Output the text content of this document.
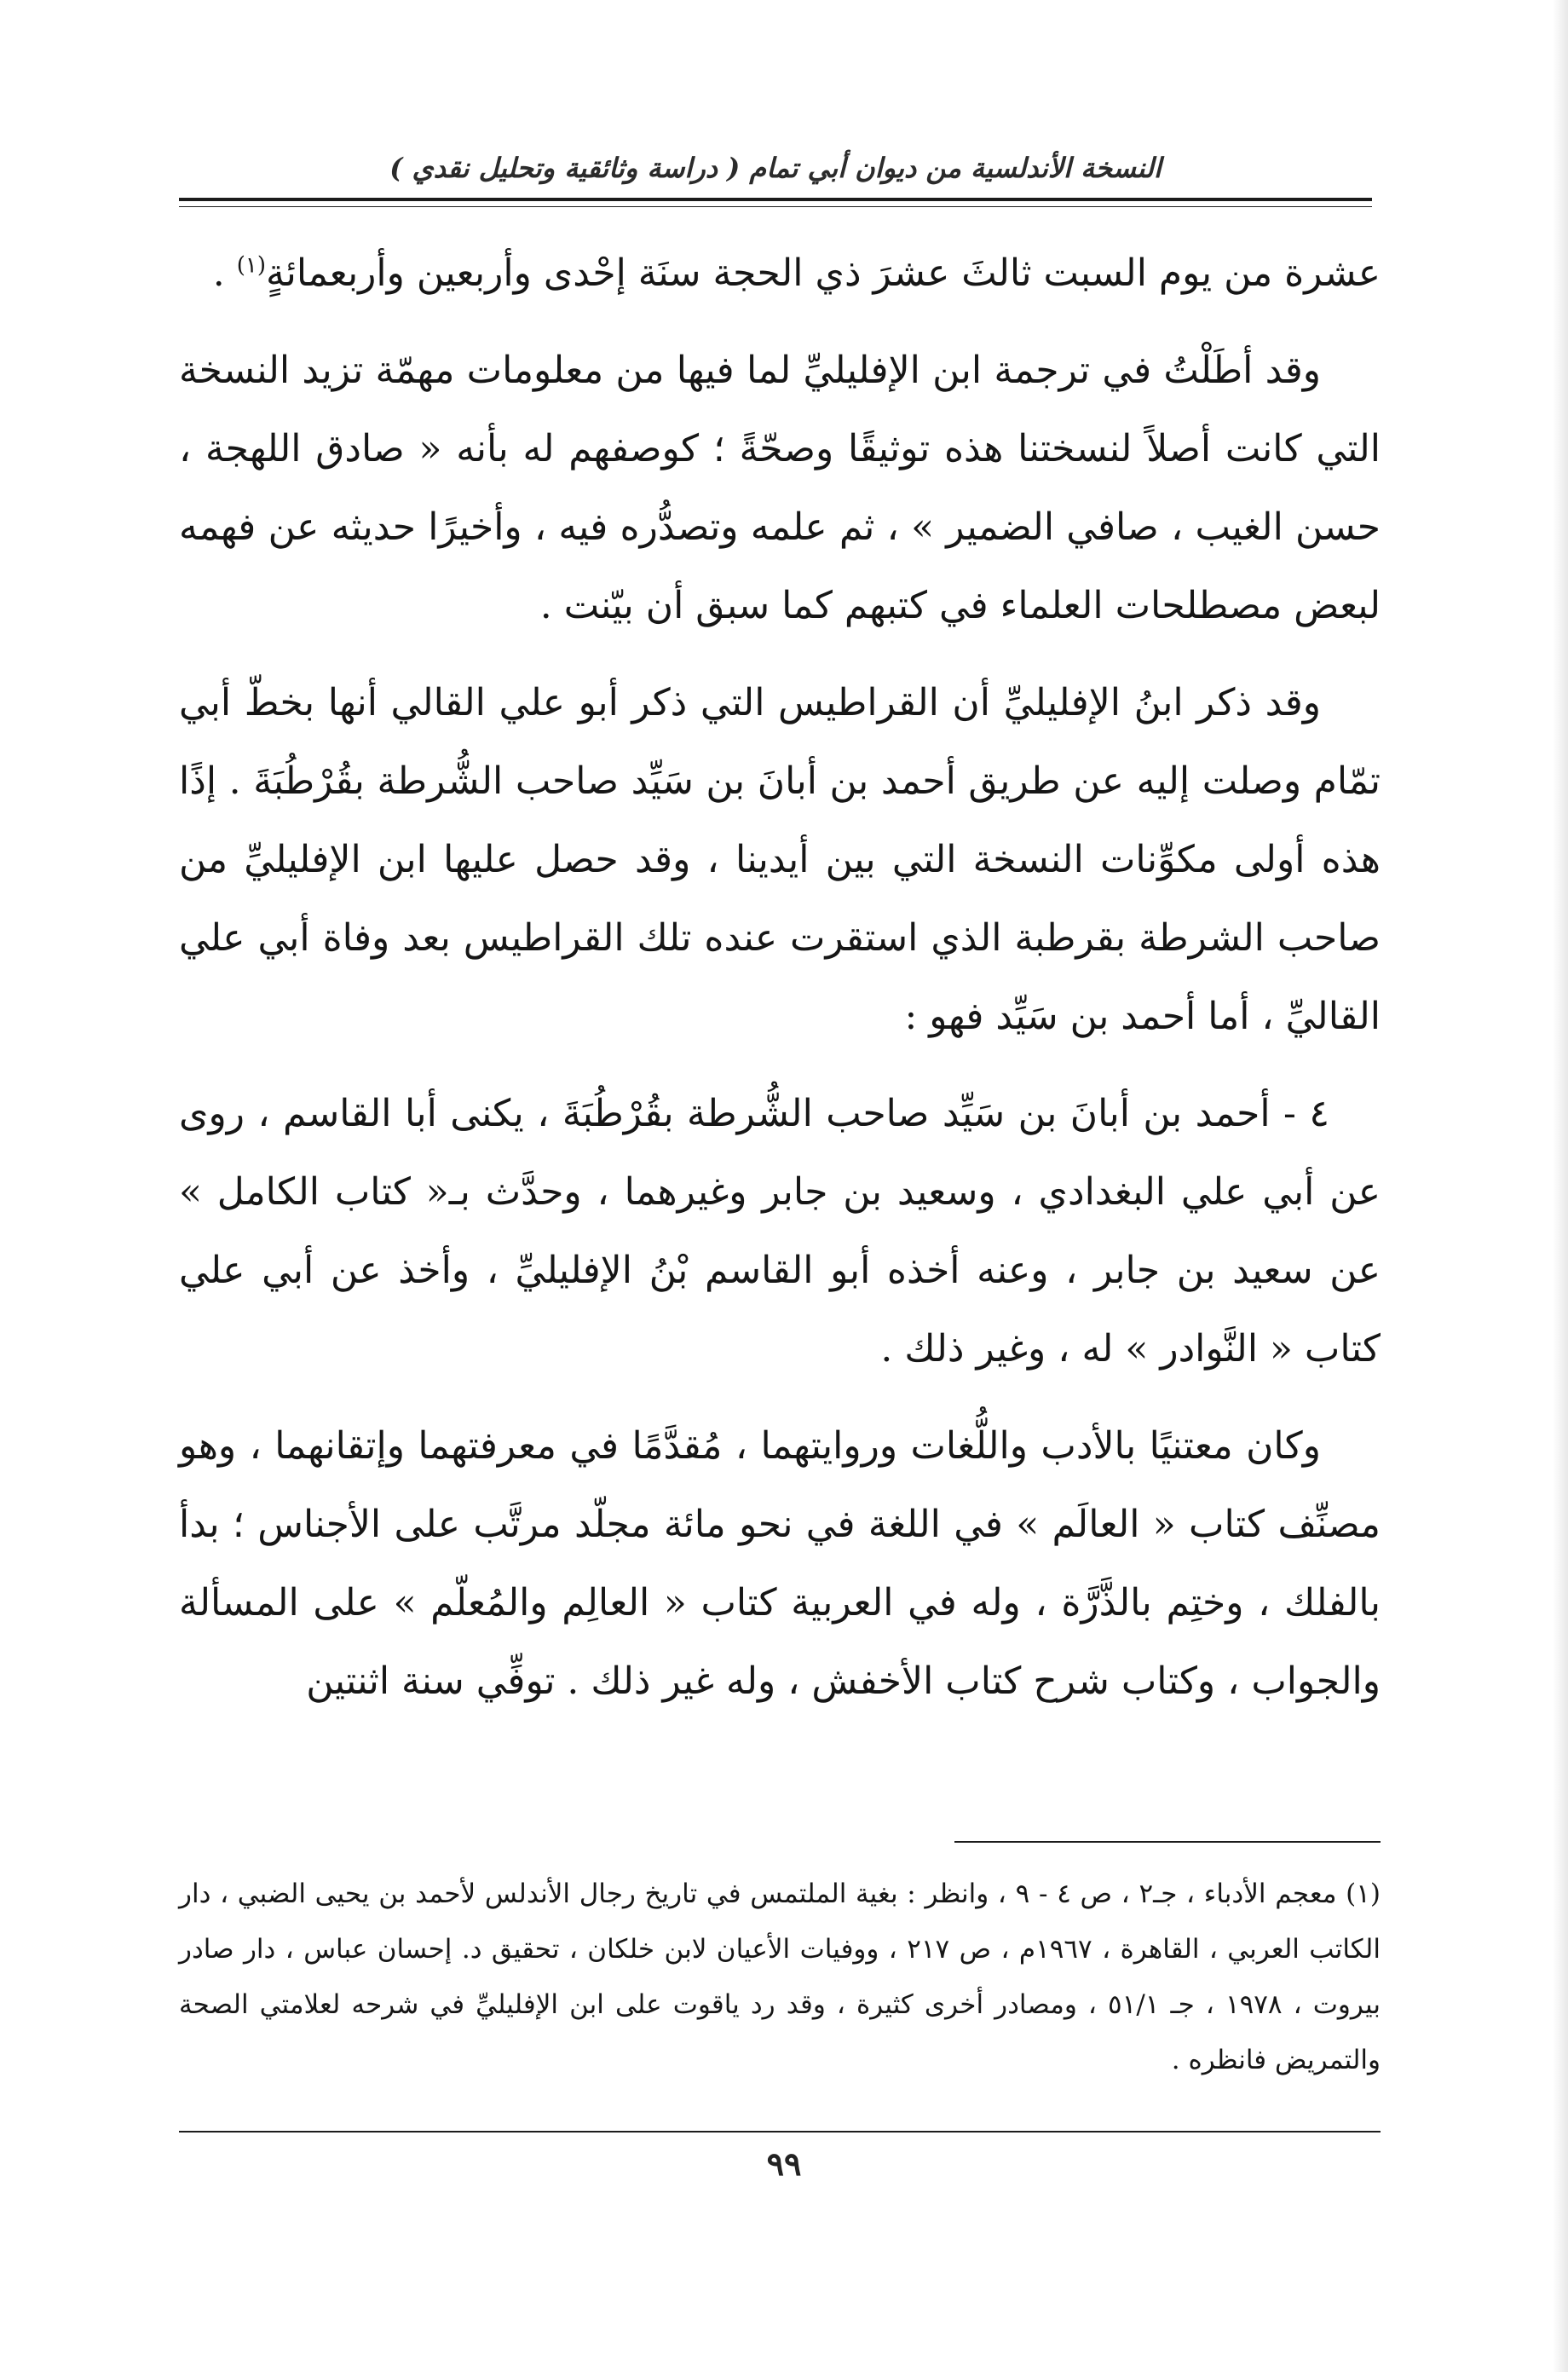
النسخة الأندلسية من ديوان أبي تمام ( دراسة وثائقية وتحليل نقدي )

عشرة من يوم السبت ثالثَ عشرَ ذي الحجة سنَة إحْدى وأربعين وأربعمائةٍ$^{(١)}$ .

وقد أطَلْتُ في ترجمة ابن الإفليليِّ لما فيها من معلومات مهمّة تزيد النسخة التي كانت أصلاً لنسختنا هذه توثيقًا وصحّةً ؛ كوصفهم له بأنه « صادق اللهجة ، حسن الغيب ، صافي الضمير » ، ثم علمه وتصدُّره فيه ، وأخيرًا حديثه عن فهمه لبعض مصطلحات العلماء في كتبهم كما سبق أن بيّنت .

وقد ذكر ابنُ الإفليليِّ أن القراطيس التي ذكر أبو علي القالي أنها بخطّ أبي تمّام وصلت إليه عن طريق أحمد بن أبانَ بن سَيِّد صاحب الشُّرطة بقُرْطُبَةَ . إذًا هذه أولى مكوِّنات النسخة التي بين أيدينا ، وقد حصل عليها ابن الإفليليِّ من صاحب الشرطة بقرطبة الذي استقرت عنده تلك القراطيس بعد وفاة أبي علي القاليِّ ، أما أحمد بن سَيِّد فهو :

٤ - أحمد بن أبانَ بن سَيِّد صاحب الشُّرطة بقُرْطُبَةَ ، يكنى أبا القاسم ، روى عن أبي علي البغدادي ، وسعيد بن جابر وغيرهما ، وحدَّث بـ« كتاب الكامل » عن سعيد بن جابر ، وعنه أخذه أبو القاسم بْنُ الإفليليِّ ، وأخذ عن أبي علي كتاب « النَّوادر » له ، وغير ذلك .

وكان معتنيًا بالأدب واللُّغات وروايتهما ، مُقدَّمًا في معرفتهما وإتقانهما ، وهو مصنِّف كتاب « العالَم » في اللغة في نحو مائة مجلّد مرتَّب على الأجناس ؛ بدأ بالفلك ، وختِم بالذَّرَّة ، وله في العربية كتاب « العالِم والمُعلّم » على المسألة والجواب ، وكتاب شرح كتاب الأخفش ، وله غير ذلك . توفِّي سنة اثنتين

(١) معجم الأدباء ، جـ٢ ، ص ٤ - ٩ ، وانظر : بغية الملتمس في تاريخ رجال الأندلس لأحمد بن يحيى الضبي ، دار الكاتب العربي ، القاهرة ، ١٩٦٧م ، ص ٢١٧ ، ووفيات الأعيان لابن خلكان ، تحقيق د. إحسان عباس ، دار صادر بيروت ، ١٩٧٨ ، جـ ٥١/١ ، ومصادر أخرى كثيرة ، وقد رد ياقوت على ابن الإفليليِّ في شرحه لعلامتي الصحة والتمريض فانظره .

٩٩
